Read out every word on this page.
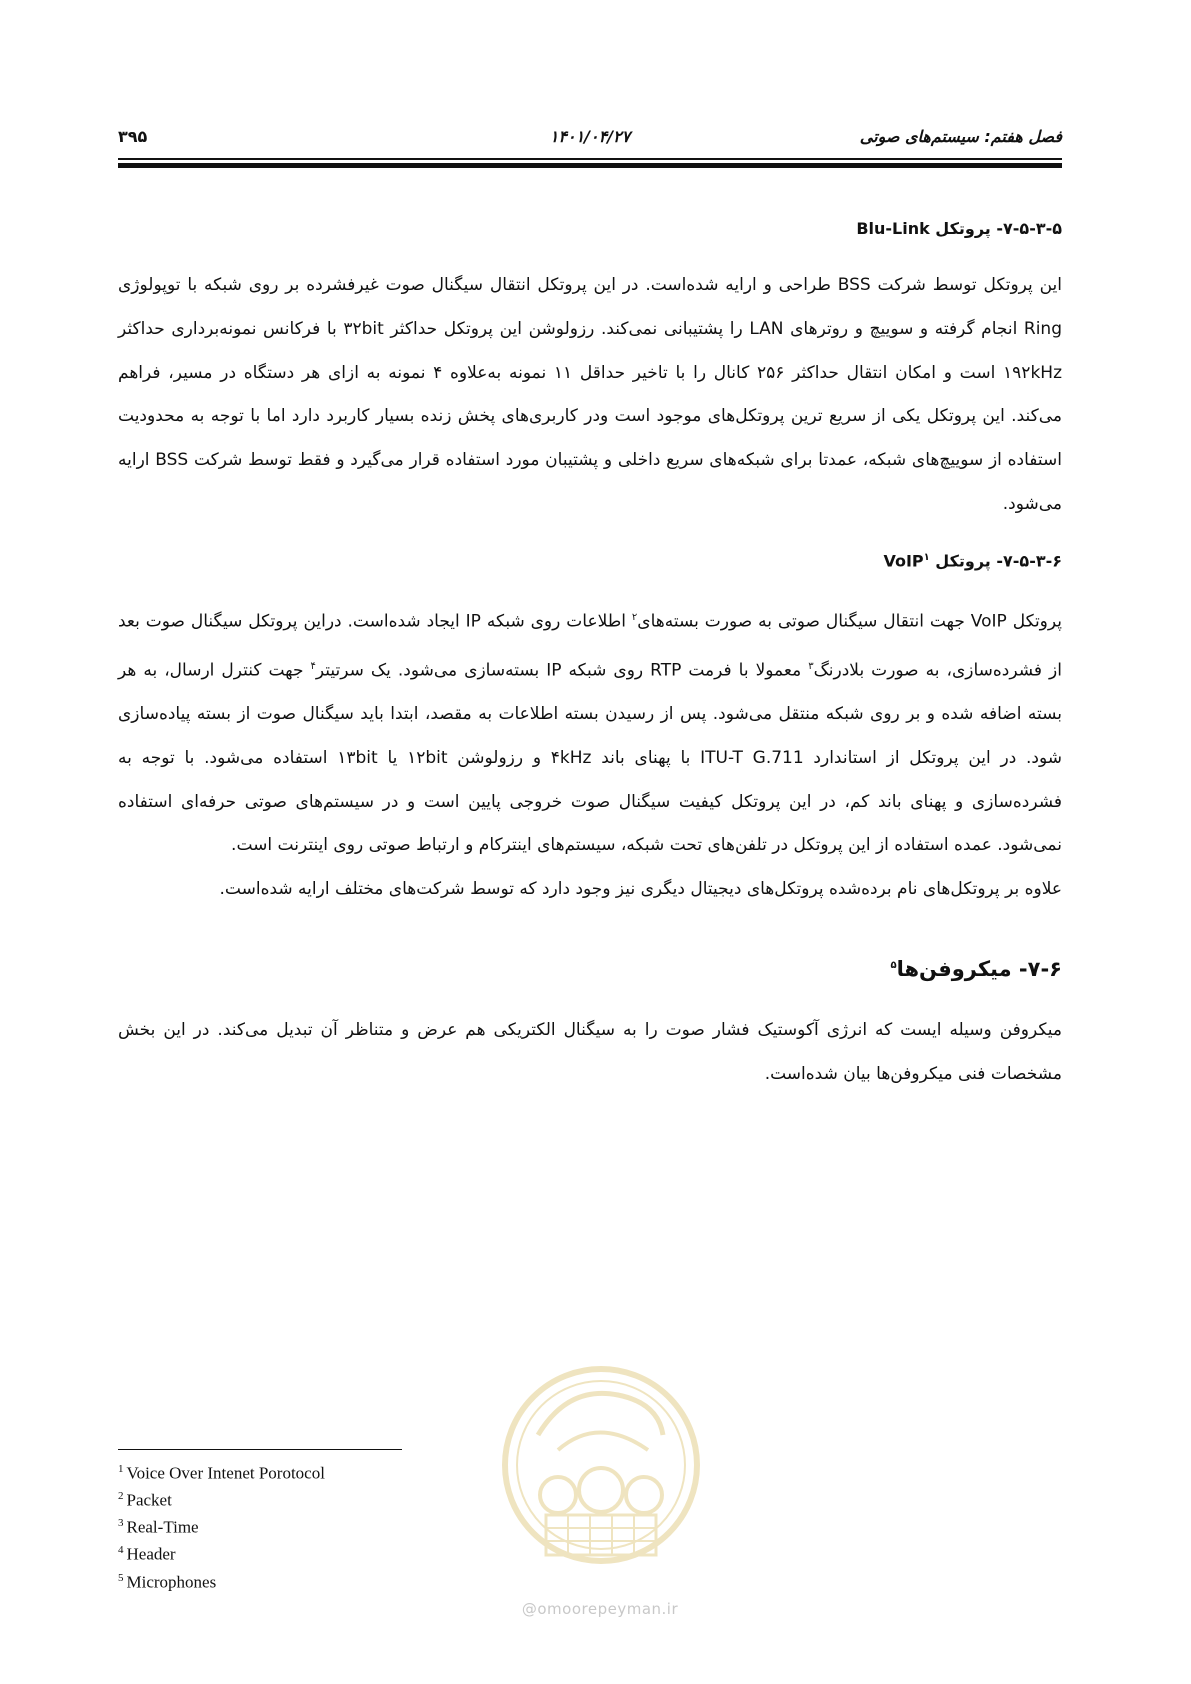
فصل هفتم: سیستم‌های صوتی
۱۴۰۱/۰۴/۲۷
۳۹۵

۷-۵-۳-۵- پروتکل Blu-Link

این پروتکل توسط شرکت BSS طراحی و ارایه شده‌است. در این پروتکل انتقال سیگنال صوت غیرفشرده بر روی شبکه با توپولوژی Ring انجام گرفته و سوییچ و روترهای LAN را پشتیبانی نمی‌کند. رزولوشن این پروتکل حداکثر ۳۲bit با فرکانس نمونه‌برداری حداکثر ۱۹۲kHz است و امکان انتقال حداکثر ۲۵۶ کانال را با تاخیر حداقل ۱۱ نمونه به‌علاوه ۴ نمونه به ازای هر دستگاه در مسیر، فراهم می‌کند. این پروتکل یکی از سریع ترین پروتکل‌های موجود است ودر کاربری‌های پخش زنده بسیار کاربرد دارد اما با توجه به محدودیت استفاده از سوییچ‌های شبکه، عمدتا برای شبکه‌های سریع داخلی و پشتیبان مورد استفاده قرار می‌گیرد و فقط توسط شرکت BSS ارایه می‌شود.

۷-۵-۳-۶- پروتکل VoIP$^۱$

پروتکل VoIP جهت انتقال سیگنال صوتی به صورت بسته‌های$^۲$ اطلاعات روی شبکه IP ایجاد شده‌است. دراین پروتکل سیگنال صوت بعد از فشرده‌سازی، به صورت بلادرنگ$^۳$ معمولا با فرمت RTP روی شبکه IP بسته‌سازی می‌شود. یک سرتیتر$^۴$ جهت کنترل ارسال، به هر بسته اضافه شده و بر روی شبکه منتقل می‌شود. پس از رسیدن بسته اطلاعات به مقصد، ابتدا باید سیگنال صوت از بسته پیاده‌سازی شود. در این پروتکل از استاندارد ITU-T G.711 با پهنای باند ۴kHz و رزولوشن ۱۲bit یا ۱۳bit استفاده می‌شود. با توجه به فشرده‌سازی و پهنای باند کم، در این پروتکل کیفیت سیگنال صوت خروجی پایین است و در سیستم‌های صوتی حرفه‌ای استفاده نمی‌شود. عمده استفاده از این پروتکل در تلفن‌های تحت شبکه، سیستم‌های اینترکام و ارتباط صوتی روی اینترنت است.

علاوه بر پروتکل‌های نام برده‌شده پروتکل‌های دیجیتال دیگری نیز وجود دارد که توسط شرکت‌های مختلف ارایه شده‌است.

۷-۶- میکروفن‌ها$^۵$

میکروفن وسیله ایست که انرژی آکوستیک فشار صوت را به سیگنال الکتریکی هم عرض و متناظر آن تبدیل می‌کند. در این بخش مشخصات فنی میکروفن‌ها بیان شده‌است.

@omoorepeyman.ir
$^1$ Voice Over Intenet Porotocol
$^2$ Packet
$^3$ Real-Time
$^4$ Header
$^5$ Microphones
